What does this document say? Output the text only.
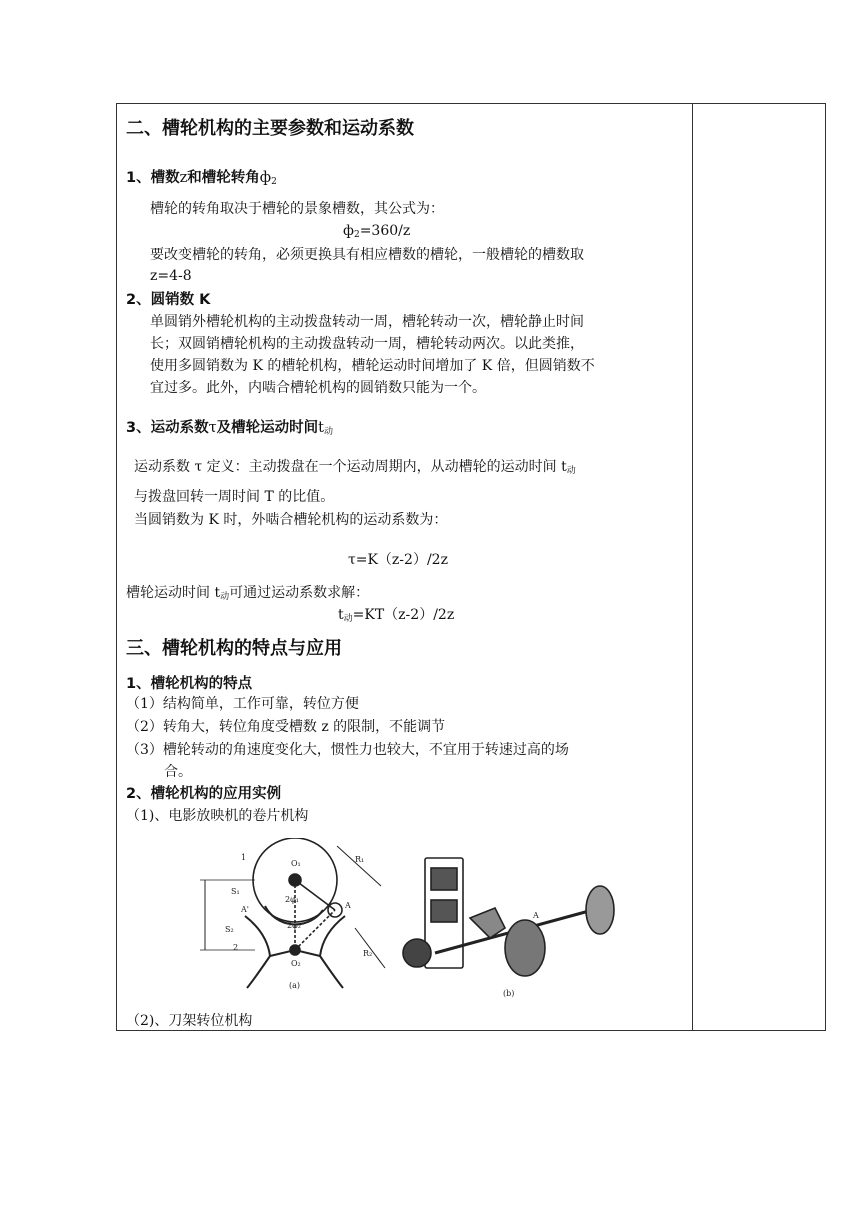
二、槽轮机构的主要参数和运动系数
1、槽数z和槽轮转角$ф_2$
槽轮的转角取决于槽轮的景象槽数，其公式为：
$ф_2=360/z$
要改变槽轮的转角，必须更换具有相应槽数的槽轮，一般槽轮的槽数取
z=4-8
2、圆销数 K
单圆销外槽轮机构的主动拨盘转动一周，槽轮转动一次，槽轮静止时间
长；双圆销槽轮机构的主动拨盘转动一周，槽轮转动两次。以此类推，
使用多圆销数为 K 的槽轮机构，槽轮运动时间增加了 K 倍，但圆销数不
宜过多。此外，内啮合槽轮机构的圆销数只能为一个。
3、运动系数τ及槽轮运动时间$t_动$
运动系数 τ 定义：主动拨盘在一个运动周期内，从动槽轮的运动时间 $t_动$
与拨盘回转一周时间 T 的比值。
当圆销数为 K 时，外啮合槽轮机构的运动系数为：
τ=K（z-2）/2z
槽轮运动时间 $t_动$可通过运动系数求解：
$t_动=KT(z-2)/2z$
三、槽轮机构的特点与应用
1、槽轮机构的特点
（1）结构简单，工作可靠，转位方便
（2）转角大，转位角度受槽数 z 的限制，不能调节
（3）槽轮转动的角速度变化大，惯性力也较大，不宜用于转速过高的场
合。
2、槽轮机构的应用实例
（1)、电影放映机的卷片机构
1
O₁	R₁
S₁
A'
2φ₁
A
S₂
2
2φ₂
O₂
R₂
(a)
A
(b)
（2)、刀架转位机构
